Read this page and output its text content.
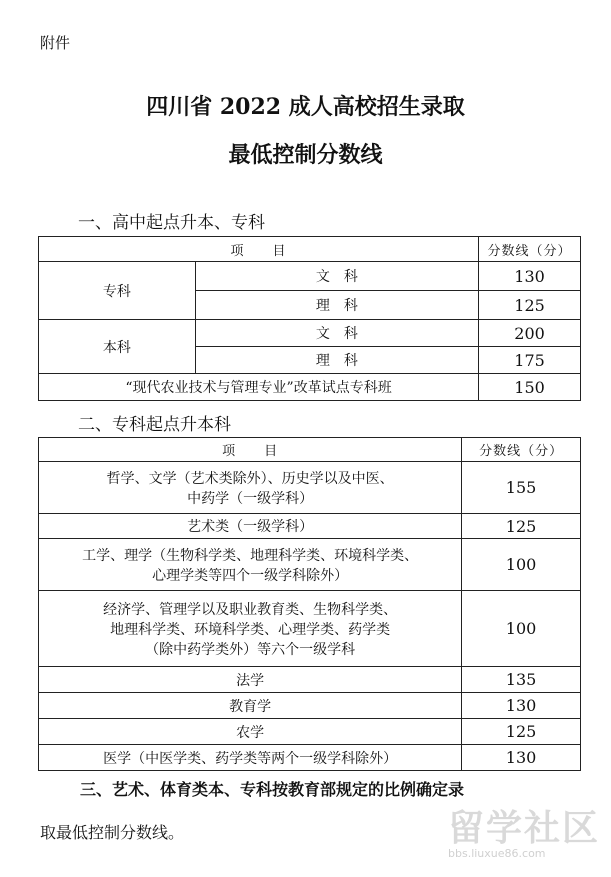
附件
四川省 2022 成人高校招生录取
最低控制分数线
一、高中起点升本、专科
项　　目		分数线（分）
专科	文　科	130
	理　科	125
本科	文　科	200
	理　科	175
“现代农业技术与管理专业”改革试点专科班		150
二、专科起点升本科
项　　目	分数线（分）

哲学、文学（艺术类除外）、历史学以及中医、
中药学（一级学科）	155
艺术类（一级学科）	125

工学、理学（生物科学类、地理科学类、环境科学类、
心理学类等四个一级学科除外）	100

经济学、管理学以及职业教育类、生物科学类、
地理科学类、环境科学类、心理学类、药学类
（除中药学类外）等六个一级学科	100
法学	135
教育学	130
农学	125
医学（中医学类、药学类等两个一级学科除外）	130
三、艺术、体育类本、专科按教育部规定的比例确定录
取最低控制分数线。	留学社区
bbs.liuxue86.com
